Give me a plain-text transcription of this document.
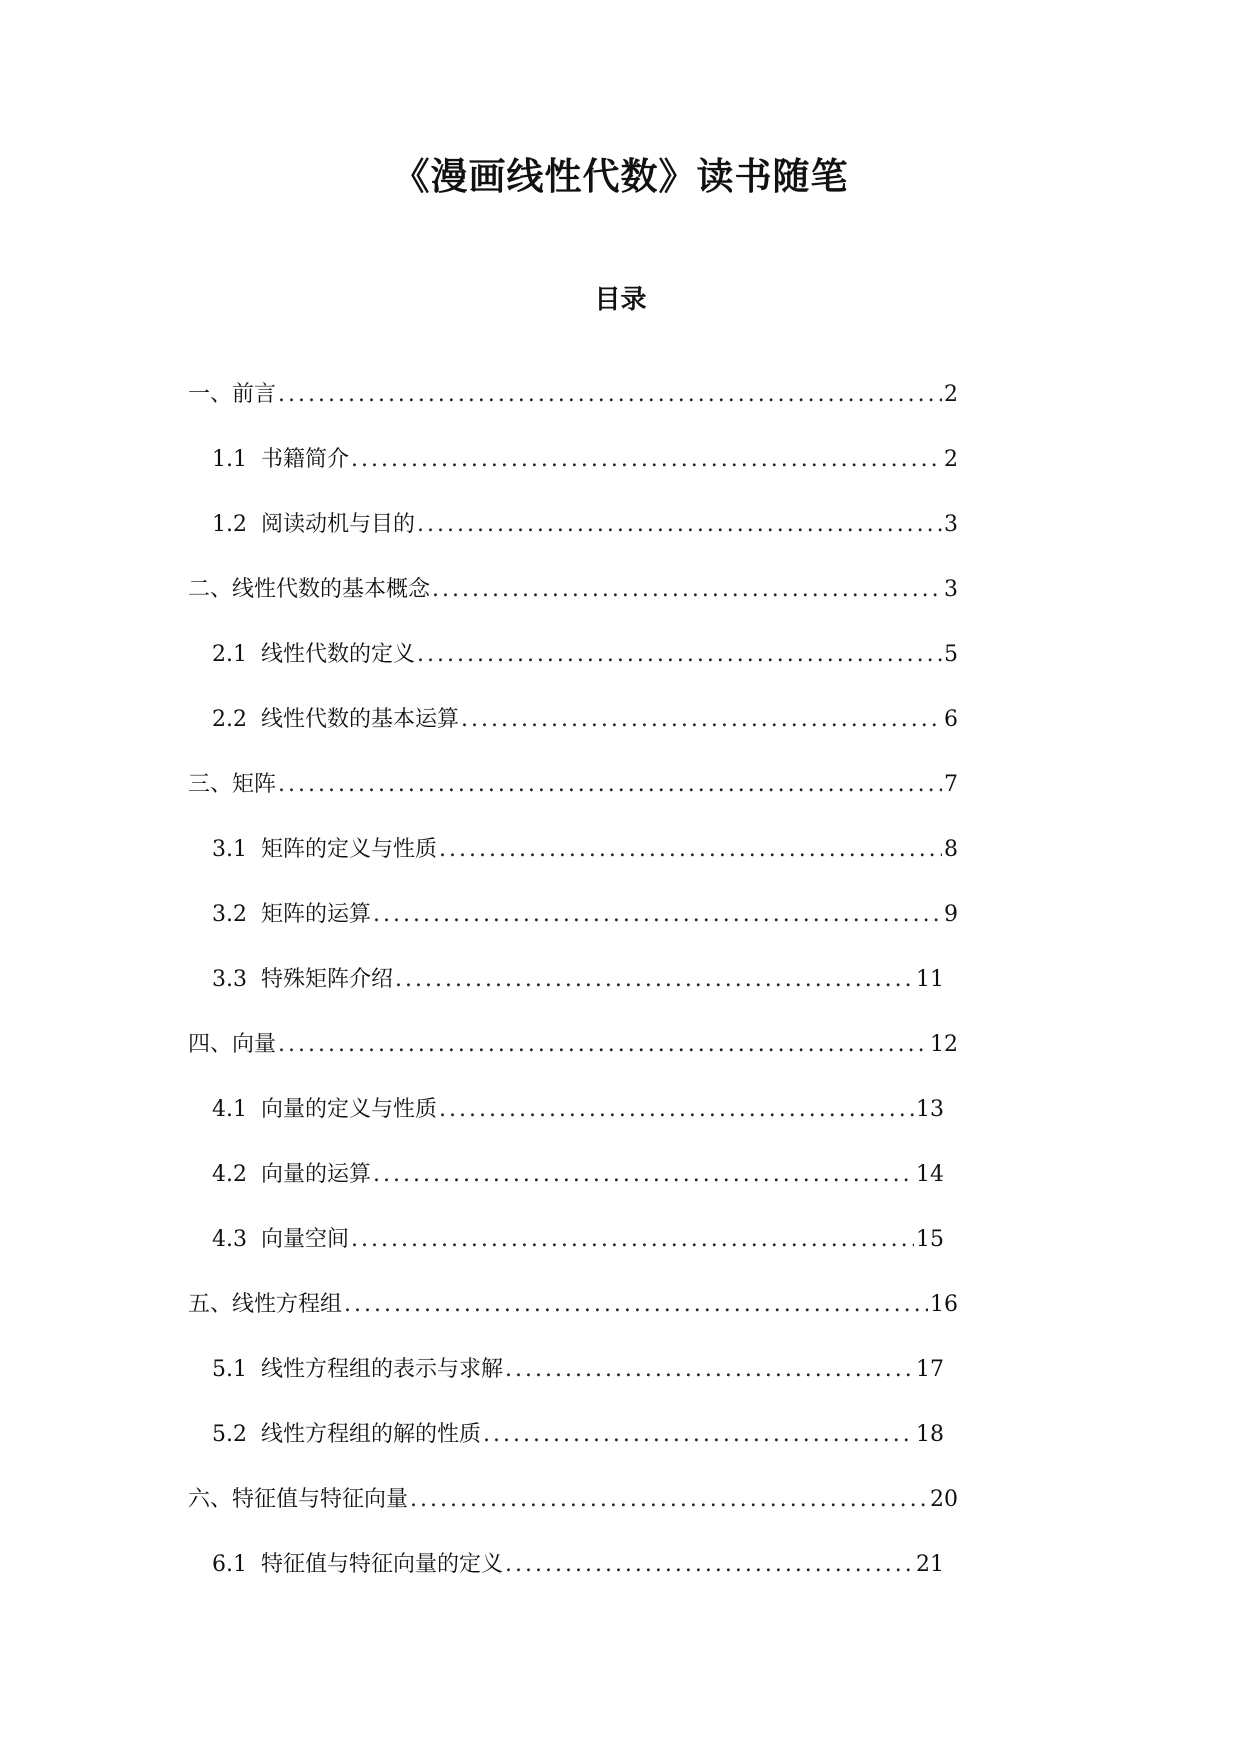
《漫画线性代数》读书随笔
目录
一、前言 .....	2
1.1 书籍简介 .....	2
1.2 阅读动机与目的 .....	3
二、线性代数的基本概念 .....	3
2.1 线性代数的定义 .....	5
2.2 线性代数的基本运算 .....	6
三、矩阵 .....	7
3.1 矩阵的定义与性质 .....	8
3.2 矩阵的运算 .....	9
3.3 特殊矩阵介绍 .....	11
四、向量 .....	12
4.1 向量的定义与性质 .....	13
4.2 向量的运算 .....	14
4.3 向量空间 .....	15
五、线性方程组 .....	16
5.1 线性方程组的表示与求解 .....	17
5.2 线性方程组的解的性质 .....	18
六、特征值与特征向量 .....	20
6.1 特征值与特征向量的定义 .....	21
